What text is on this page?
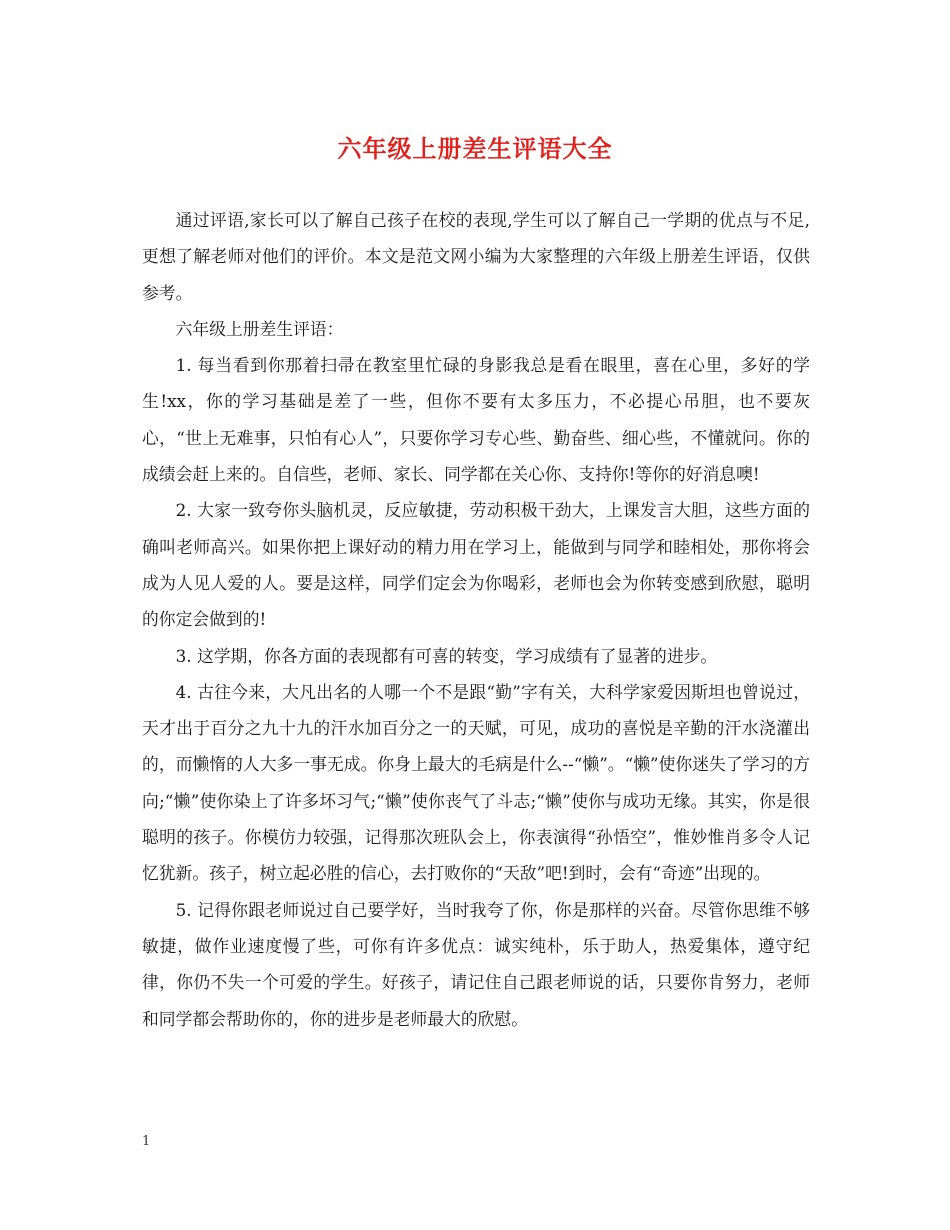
六年级上册差生评语大全

通过评语,家长可以了解自己孩子在校的表现,学生可以了解自己一学期的优点与不足,更想了解老师对他们的评价。本文是范文网小编为大家整理的六年级上册差生评语，仅供参考。

六年级上册差生评语：

1. 每当看到你那着扫帚在教室里忙碌的身影我总是看在眼里，喜在心里，多好的学生!xx，你的学习基础是差了一些，但你不要有太多压力，不必提心吊胆，也不要灰心，“世上无难事，只怕有心人”，只要你学习专心些、勤奋些、细心些，不懂就问。你的成绩会赶上来的。自信些，老师、家长、同学都在关心你、支持你!等你的好消息噢!

2. 大家一致夸你头脑机灵，反应敏捷，劳动积极干劲大，上课发言大胆，这些方面的确叫老师高兴。如果你把上课好动的精力用在学习上，能做到与同学和睦相处，那你将会成为人见人爱的人。要是这样，同学们定会为你喝彩，老师也会为你转变感到欣慰，聪明的你定会做到的!

3. 这学期，你各方面的表现都有可喜的转变，学习成绩有了显著的进步。

4. 古往今来，大凡出名的人哪一个不是跟“勤”字有关，大科学家爱因斯坦也曾说过，天才出于百分之九十九的汗水加百分之一的天赋，可见，成功的喜悦是辛勤的汗水浇灌出的，而懒惰的人大多一事无成。你身上最大的毛病是什么--“懒”。“懒”使你迷失了学习的方向;“懒”使你染上了许多坏习气;“懒”使你丧气了斗志;“懒”使你与成功无缘。其实，你是很聪明的孩子。你模仿力较强，记得那次班队会上，你表演得“孙悟空”，惟妙惟肖多令人记忆犹新。孩子，树立起必胜的信心，去打败你的“天敌”吧!到时，会有“奇迹”出现的。

5. 记得你跟老师说过自己要学好，当时我夸了你，你是那样的兴奋。尽管你思维不够敏捷，做作业速度慢了些，可你有许多优点：诚实纯朴，乐于助人，热爱集体，遵守纪律，你仍不失一个可爱的学生。好孩子，请记住自己跟老师说的话，只要你肯努力，老师和同学都会帮助你的，你的进步是老师最大的欣慰。

1
